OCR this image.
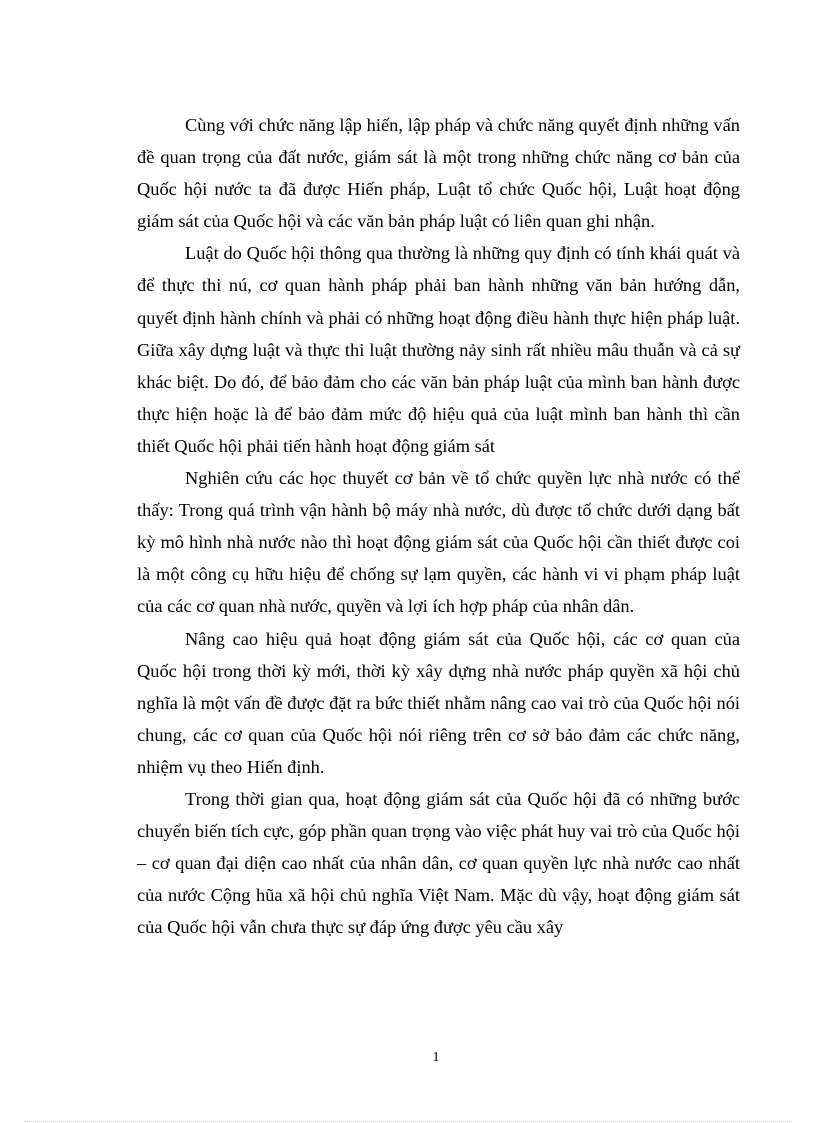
Cùng với chức năng lập hiến, lập pháp và chức năng quyết định những vấn đề quan trọng của đất nước, giám sát là một trong những chức năng cơ bản của Quốc hội nước ta đã được Hiến pháp, Luật tổ chức Quốc hội, Luật hoạt động giám sát của Quốc hội và các văn bản pháp luật có liên quan ghi nhận.

Luật do Quốc hội thông qua thường là những quy định có tính khái quát và để thực thi nú, cơ quan hành pháp phải ban hành những văn bản hướng dẫn, quyết định hành chính và phải có những hoạt động điều hành thực hiện pháp luật. Giữa xây dựng luật và thực thi luật thường nảy sinh rất nhiều mâu thuẫn và cả sự khác biệt. Do đó, để bảo đảm cho các văn bản pháp luật của mình ban hành được thực hiện hoặc là để bảo đảm mức độ hiệu quả của luật mình ban hành thì cần thiết Quốc hội phải tiến hành hoạt động giám sát

Nghiên cứu các học thuyết cơ bản về tổ chức quyền lực nhà nước có thể thấy: Trong quá trình vận hành bộ máy nhà nước, dù được tổ chức dưới dạng bất kỳ mô hình nhà nước nào thì hoạt động giám sát của Quốc hội cần thiết được coi là một công cụ hữu hiệu để chống sự lạm quyền, các hành vi vi phạm pháp luật của các cơ quan nhà nước, quyền và lợi ích hợp pháp của nhân dân.

Nâng cao hiệu quả hoạt động giám sát của Quốc hội, các cơ quan của Quốc hội trong thời kỳ mới, thời kỳ xây dựng nhà nước pháp quyền xã hội chủ nghĩa là một vấn đề được đặt ra bức thiết nhằm nâng cao vai trò của Quốc hội nói chung, các cơ quan của Quốc hội nói riêng trên cơ sở bảo đảm các chức năng, nhiệm vụ theo Hiến định.

Trong thời gian qua, hoạt động giám sát của Quốc hội đã có những bước chuyển biến tích cực, góp phần quan trọng vào việc phát huy vai trò của Quốc hội – cơ quan đại diện cao nhất của nhân dân, cơ quan quyền lực nhà nước cao nhất của nước Cộng hũa xã hội chủ nghĩa Việt Nam. Mặc dù vậy, hoạt động giám sát của Quốc hội vẫn chưa thực sự đáp ứng được yêu cầu xây

1
